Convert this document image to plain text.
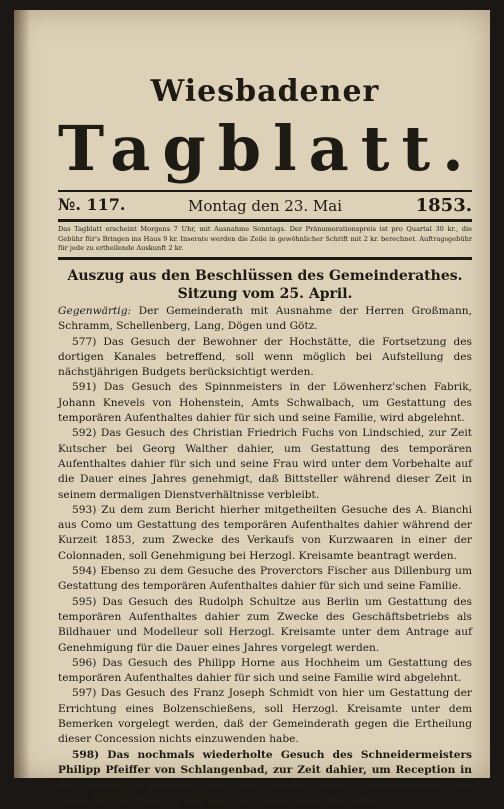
Wiesbadener
Tagblatt.
№. 117.	Montag den 23. Mai	1853.
Das Tagblatt erscheint Morgens 7 Uhr, mit Ausnahme Sonntags. Der Pränumerationspreis ist pro Quartal 30 kr., die Gebühr für's Bringen ins Haus 9 kr. Inserate werden die Zeile in gewöhnlicher Schrift mit 2 kr. berechnet. Auftragsgebühr für jede zu ertheilende Auskunft 2 kr.
Auszug aus den Beschlüssen des Gemeinderathes.
Sitzung vom 25. April.

Gegenwärtig: Der Gemeinderath mit Ausnahme der Herren Großmann, Schramm, Schellenberg, Lang, Dögen und Götz.

577) Das Gesuch der Bewohner der Hochstätte, die Fortsetzung des dortigen Kanales betreffend, soll wenn möglich bei Aufstellung des nächstjährigen Budgets berücksichtigt werden.

591) Das Gesuch des Spinnmeisters in der Löwenherz'schen Fabrik, Johann Knevels von Hohenstein, Amts Schwalbach, um Gestattung des temporären Aufenthaltes dahier für sich und seine Familie, wird abgelehnt.

592) Das Gesuch des Christian Friedrich Fuchs von Lindschied, zur Zeit Kutscher bei Georg Walther dahier, um Gestattung des temporären Aufenthaltes dahier für sich und seine Frau wird unter dem Vorbehalte auf die Dauer eines Jahres genehmigt, daß Bittsteller während dieser Zeit in seinem dermaligen Dienstverhältnisse verbleibt.

593) Zu dem zum Bericht hierher mitgetheilten Gesuche des A. Bianchi aus Como um Gestattung des temporären Aufenthaltes dahier während der Kurzeit 1853, zum Zwecke des Verkaufs von Kurzwaaren in einer der Colonnaden, soll Genehmigung bei Herzogl. Kreisamte beantragt werden.

594) Ebenso zu dem Gesuche des Proverctors Fischer aus Dillenburg um Gestattung des temporären Aufenthaltes dahier für sich und seine Familie.

595) Das Gesuch des Rudolph Schultze aus Berlin um Gestattung des temporären Aufenthaltes dahier zum Zwecke des Geschäftsbetriebs als Bildhauer und Modelleur soll Herzogl. Kreisamte unter dem Antrage auf Genehmigung für die Dauer eines Jahres vorgelegt werden.

596) Das Gesuch des Philipp Horne aus Hochheim um Gestattung des temporären Aufenthaltes dahier für sich und seine Familie wird abgelehnt.

597) Das Gesuch des Franz Joseph Schmidt von hier um Gestattung der Errichtung eines Bolzenschießens, soll Herzogl. Kreisamte unter dem Bemerken vorgelegt werden, daß der Gemeinderath gegen die Ertheilung dieser Concession nichts einzuwenden habe.

598) Das nochmals wiederholte Gesuch des Schneidermeisters Philipp Pfeiffer von Schlangenbad, zur Zeit dahier, um Reception in die hiesige Stadtgemeinde zum Zwecke seiner Verehelichung mit Anna Maria Wüst en von hier wird abermals abgelehnt.
